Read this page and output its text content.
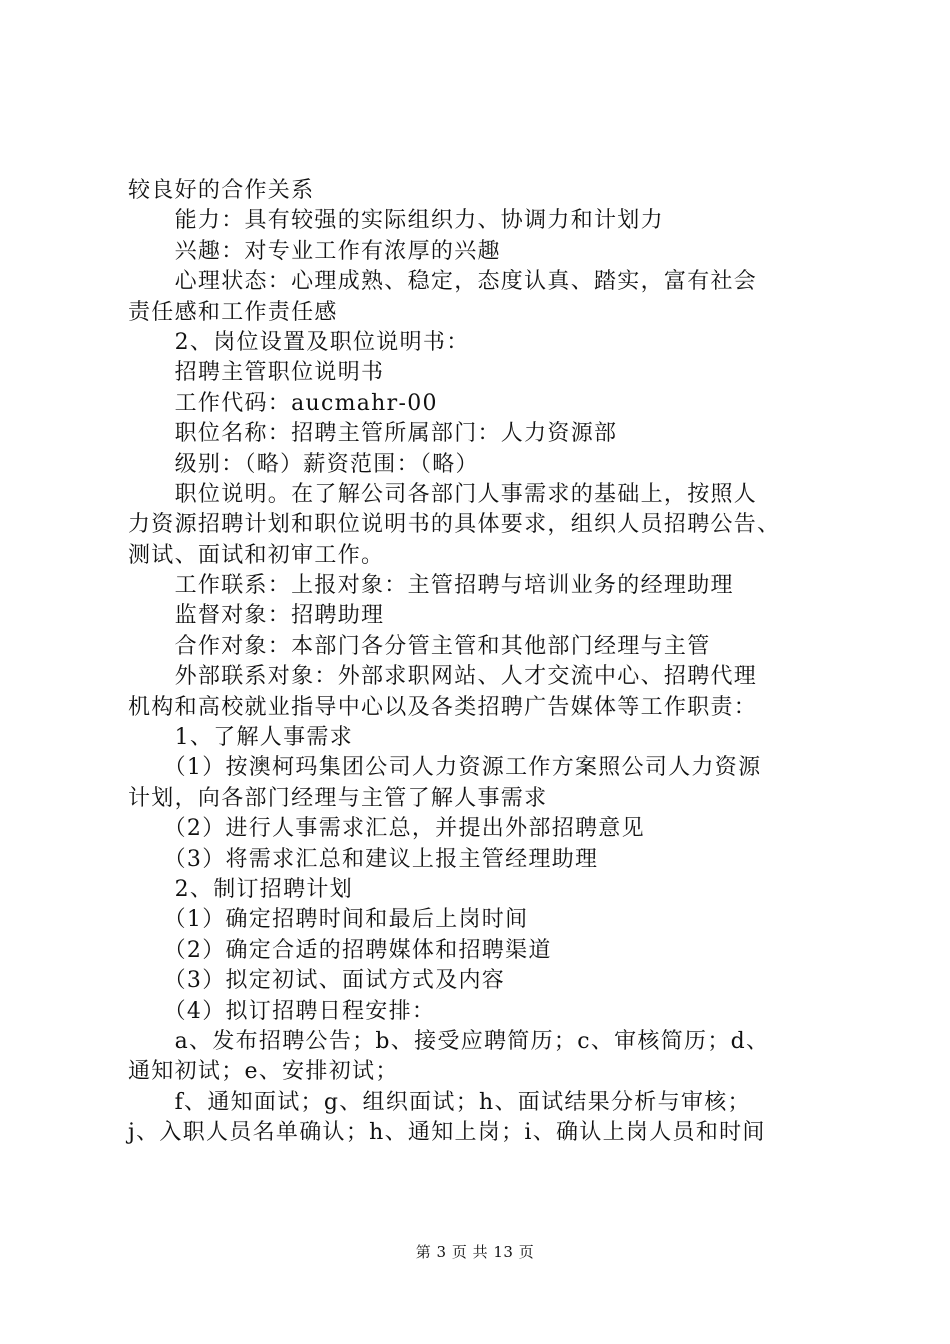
较良好的合作关系
　　能力：具有较强的实际组织力、协调力和计划力
　　兴趣：对专业工作有浓厚的兴趣
　　心理状态：心理成熟、稳定，态度认真、踏实，富有社会
责任感和工作责任感
　　2、岗位设置及职位说明书：
　　招聘主管职位说明书
　　工作代码：aucmahr-00
　　职位名称：招聘主管所属部门：人力资源部
　　级别：（略）薪资范围：（略）
　　职位说明。在了解公司各部门人事需求的基础上，按照人
力资源招聘计划和职位说明书的具体要求，组织人员招聘公告、
测试、面试和初审工作。
　　工作联系：上报对象：主管招聘与培训业务的经理助理
　　监督对象：招聘助理
　　合作对象：本部门各分管主管和其他部门经理与主管
　　外部联系对象：外部求职网站、人才交流中心、招聘代理
机构和高校就业指导中心以及各类招聘广告媒体等工作职责：
　　1、了解人事需求
　　（1）按澳柯玛集团公司人力资源工作方案照公司人力资源
计划，向各部门经理与主管了解人事需求
　　（2）进行人事需求汇总，并提出外部招聘意见
　　（3）将需求汇总和建议上报主管经理助理
　　2、制订招聘计划
　　（1）确定招聘时间和最后上岗时间
　　（2）确定合适的招聘媒体和招聘渠道
　　（3）拟定初试、面试方式及内容
　　（4）拟订招聘日程安排：
　　a、发布招聘公告；b、接受应聘简历；c、审核简历；d、
通知初试；e、安排初试；
　　f、通知面试；g、组织面试；h、面试结果分析与审核；
j、入职人员名单确认；h、通知上岗；i、确认上岗人员和时间
第 3 页 共 13 页
